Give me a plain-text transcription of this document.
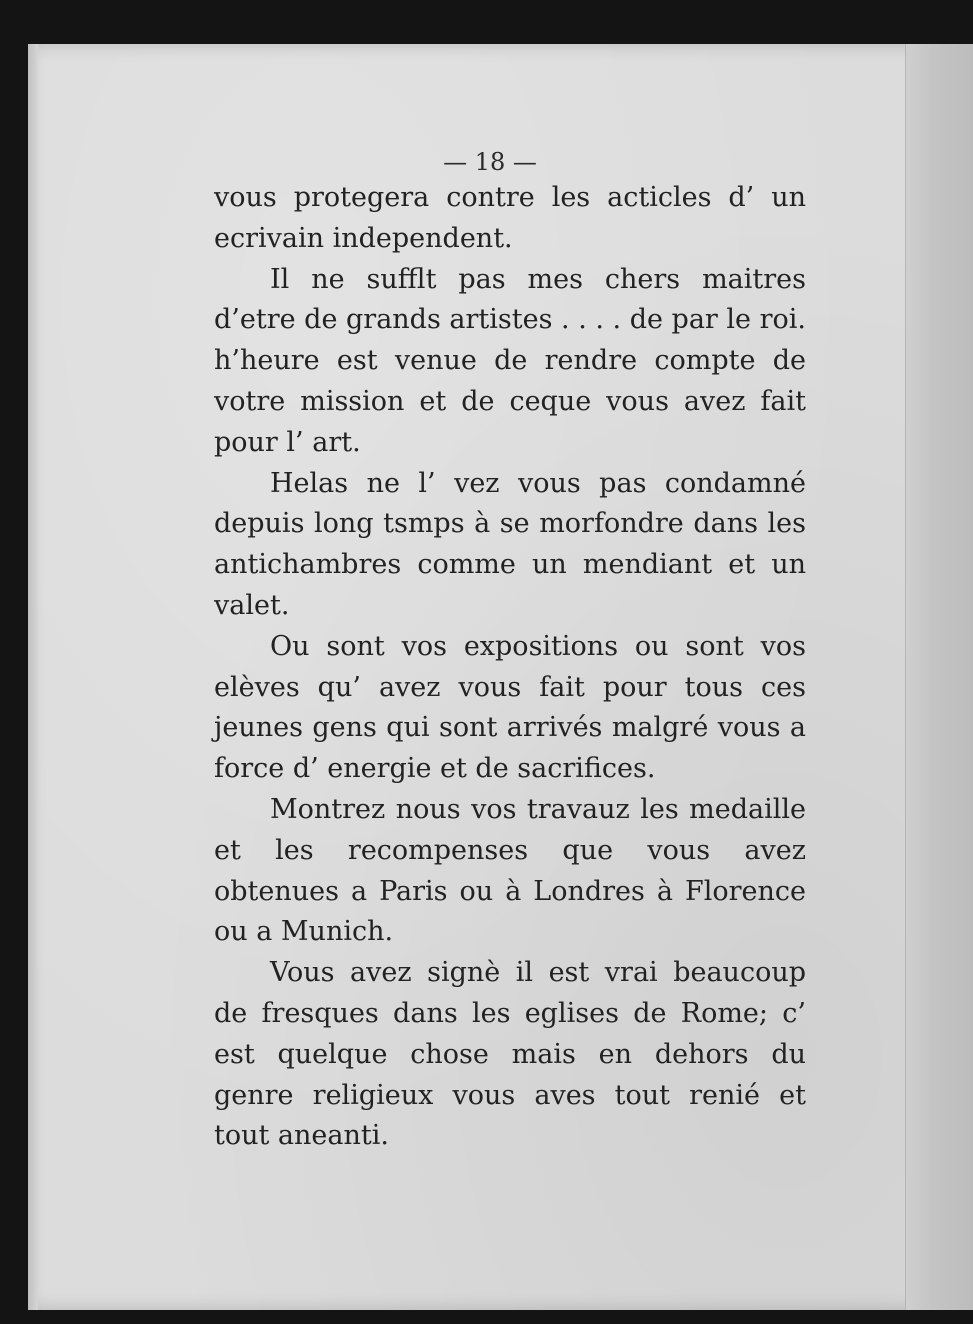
— 18 —

vous protegera contre les acticles d’ un ecrivain independent.

Il ne sufflt pas mes chers maitres d’etre de grands artistes . . . . de par le roi. h’heure est venue de rendre compte de votre mission et de ceque vous avez fait pour l’ art.

Helas ne l’ vez vous pas condamné depuis long tsmps à se morfondre dans les antichambres comme un mendiant et un valet.

Ou sont vos expositions ou sont vos elèves qu’ avez vous fait pour tous ces jeunes gens qui sont arrivés malgré vous a force d’ energie et de sacrifices.

Montrez nous vos travauz les medaille et les recompenses que vous avez obtenues a Paris ou à Londres à Florence ou a Munich.

Vous avez signè il est vrai beaucoup de fresques dans les eglises de Rome; c’ est quelque chose mais en dehors du genre religieux vous aves tout renié et tout aneanti.
